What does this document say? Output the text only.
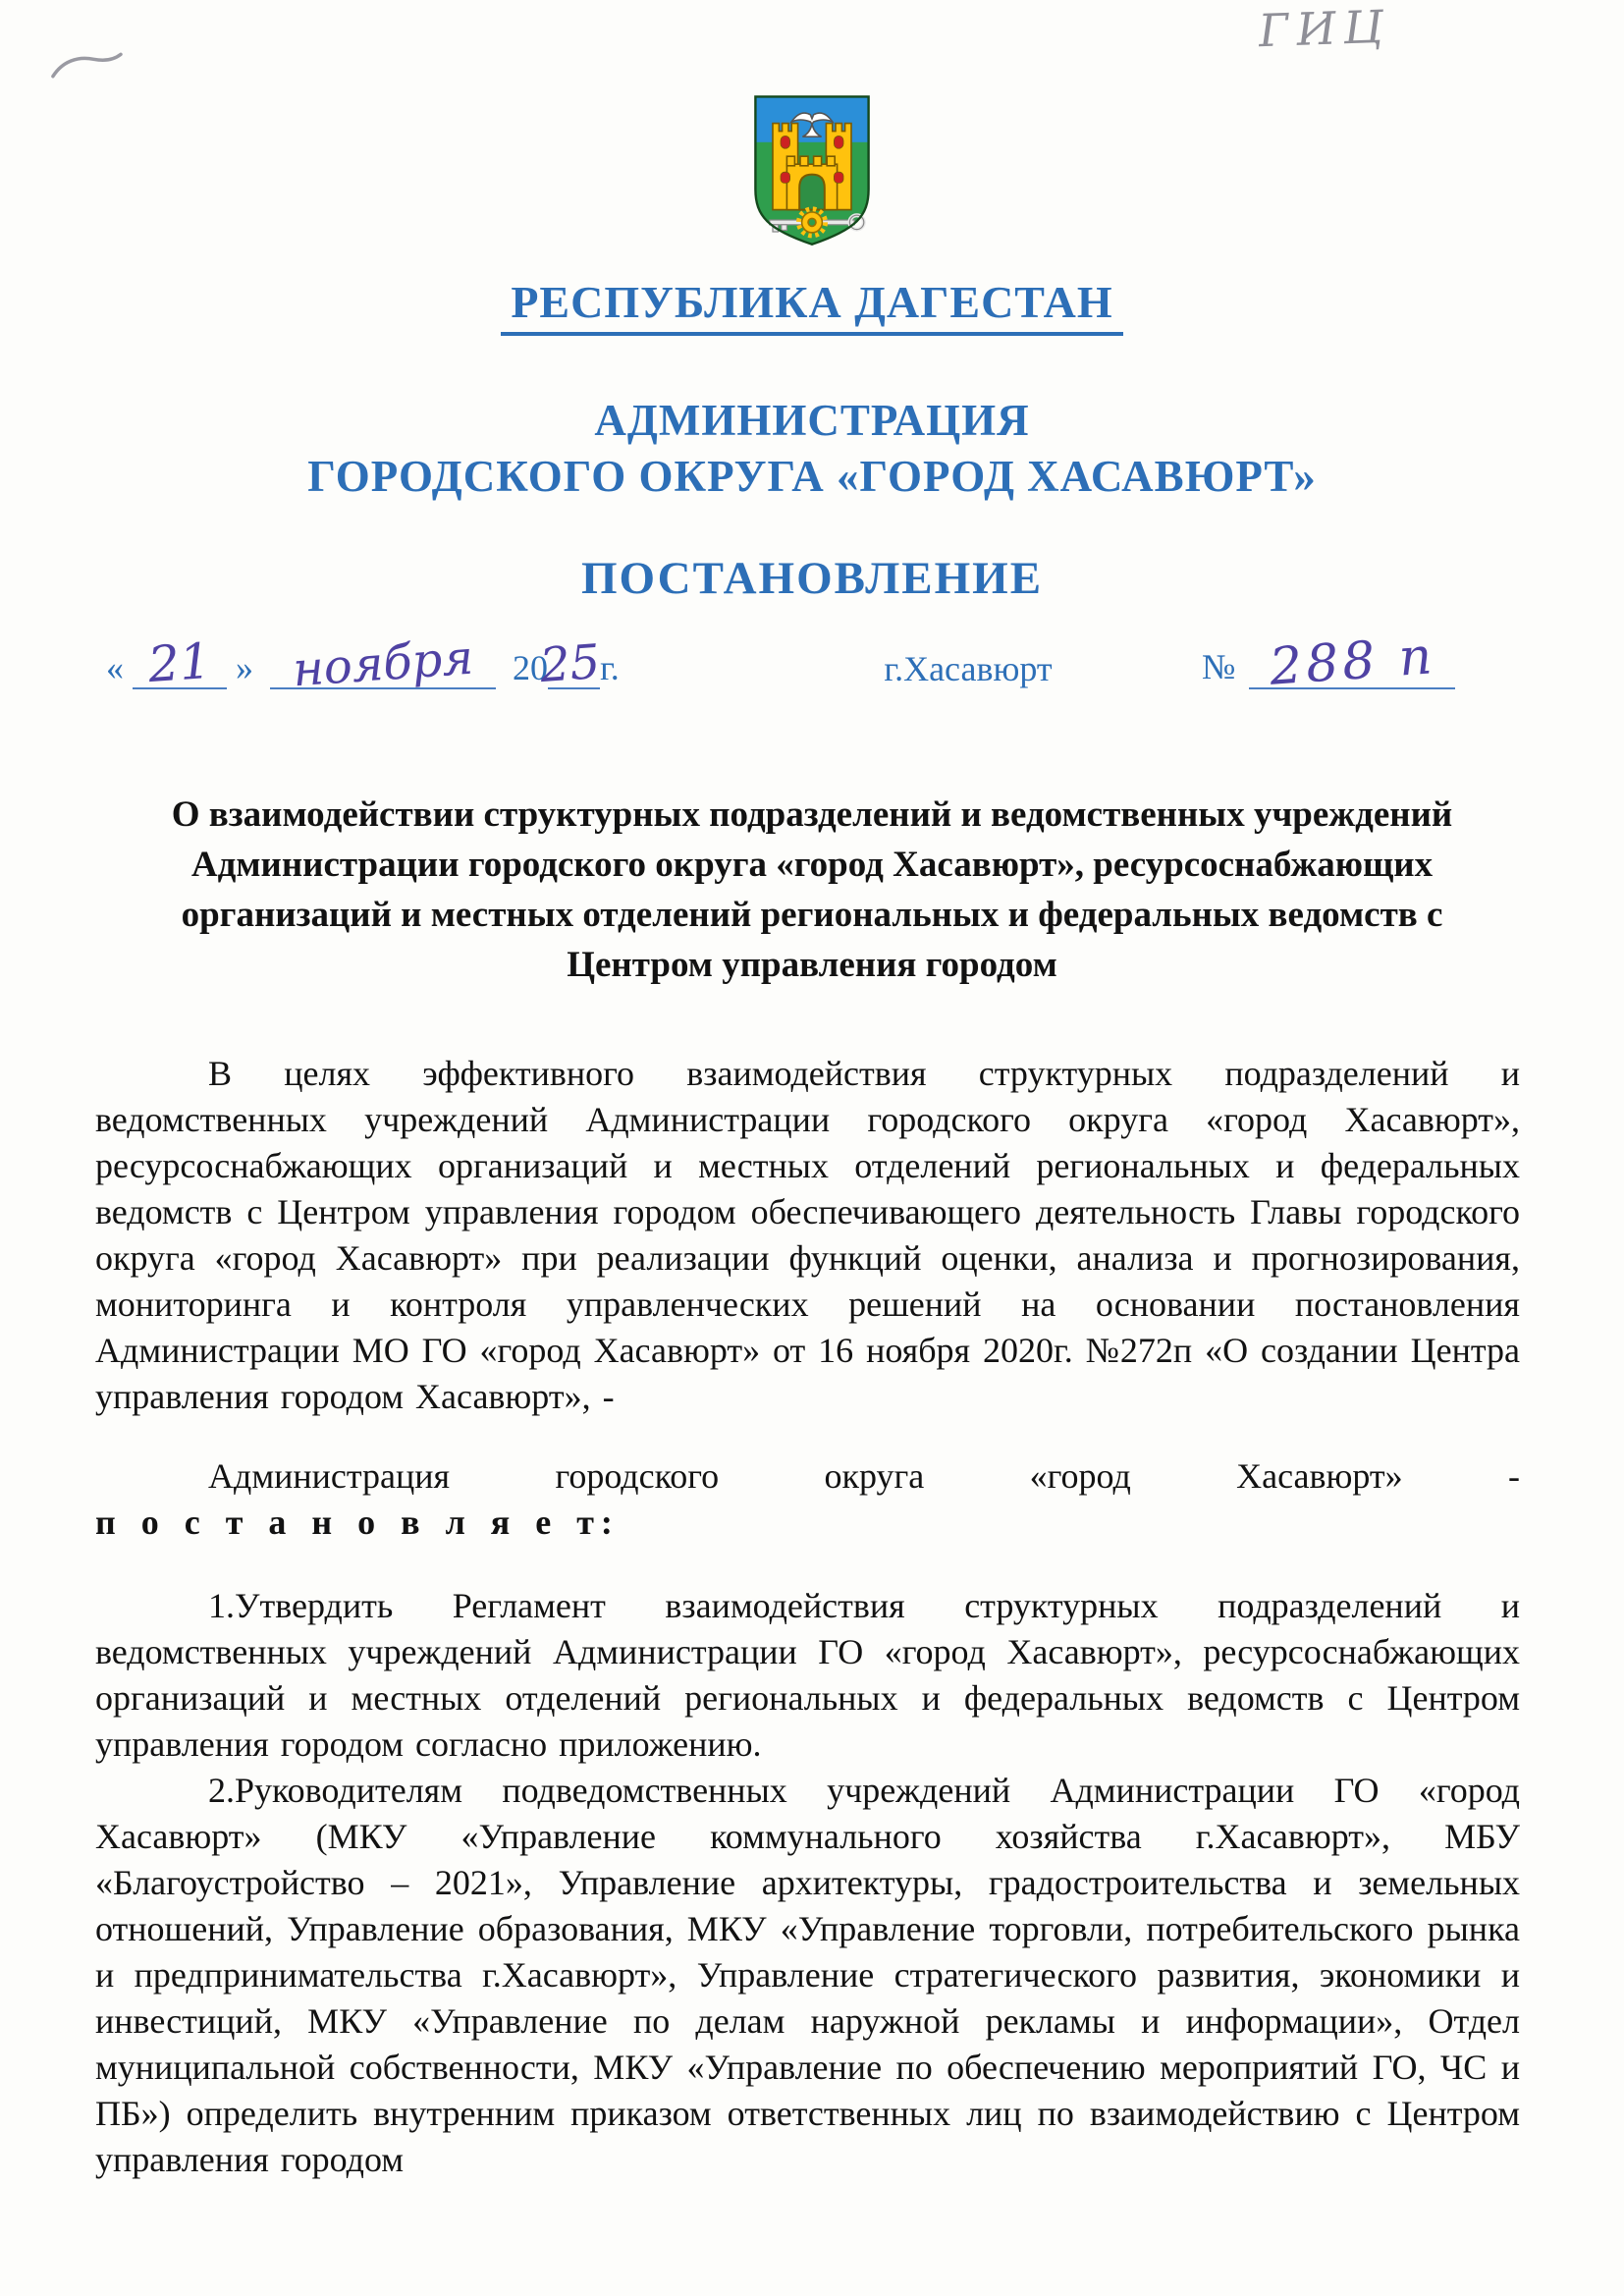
ГИЦ
РЕСПУБЛИКА ДАГЕСТАН
АДМИНИСТРАЦИЯ
ГОРОДСКОГО ОКРУГА «ГОРОД ХАСАВЮРТ»
ПОСТАНОВЛЕНИЕ
« 21 » ноября 2025г.	г.Хасавюрт	№ 288 п
О взаимодействии структурных подразделений и ведомственных учреждений Администрации городского округа «город Хасавюрт», ресурсоснабжающих организаций и местных отделений региональных и федеральных ведомств с Центром управления городом

В целях эффективного взаимодействия структурных подразделений и ведомственных учреждений Администрации городского округа «город Хасавюрт», ресурсоснабжающих организаций и местных отделений региональных и федеральных ведомств с Центром управления городом обеспечивающего деятельность Главы городского округа «город Хасавюрт» при реализации функций оценки, анализа и прогнозирования, мониторинга и контроля управленческих решений на основании постановления Администрации МО ГО «город Хасавюрт» от 16 ноября 2020г. №272п «О создании Центра управления городом Хасавюрт», -

Администрация городского округа «город Хасавюрт» - п о с т а н о в л я е т:

1.Утвердить Регламент взаимодействия структурных подразделений и ведомственных учреждений Администрации ГО «город Хасавюрт», ресурсоснабжающих организаций и местных отделений региональных и федеральных ведомств с Центром управления городом согласно приложению.

2.Руководителям подведомственных учреждений Администрации ГО «город Хасавюрт» (МКУ «Управление коммунального хозяйства г.Хасавюрт», МБУ «Благоустройство – 2021», Управление архитектуры, градостроительства и земельных отношений, Управление образования, МКУ «Управление торговли, потребительского рынка и предпринимательства г.Хасавюрт», Управление стратегического развития, экономики и инвестиций, МКУ «Управление по делам наружной рекламы и информации», Отдел муниципальной собственности, МКУ «Управление по обеспечению мероприятий ГО, ЧС и ПБ») определить внутренним приказом ответственных лиц по взаимодействию с Центром управления городом
